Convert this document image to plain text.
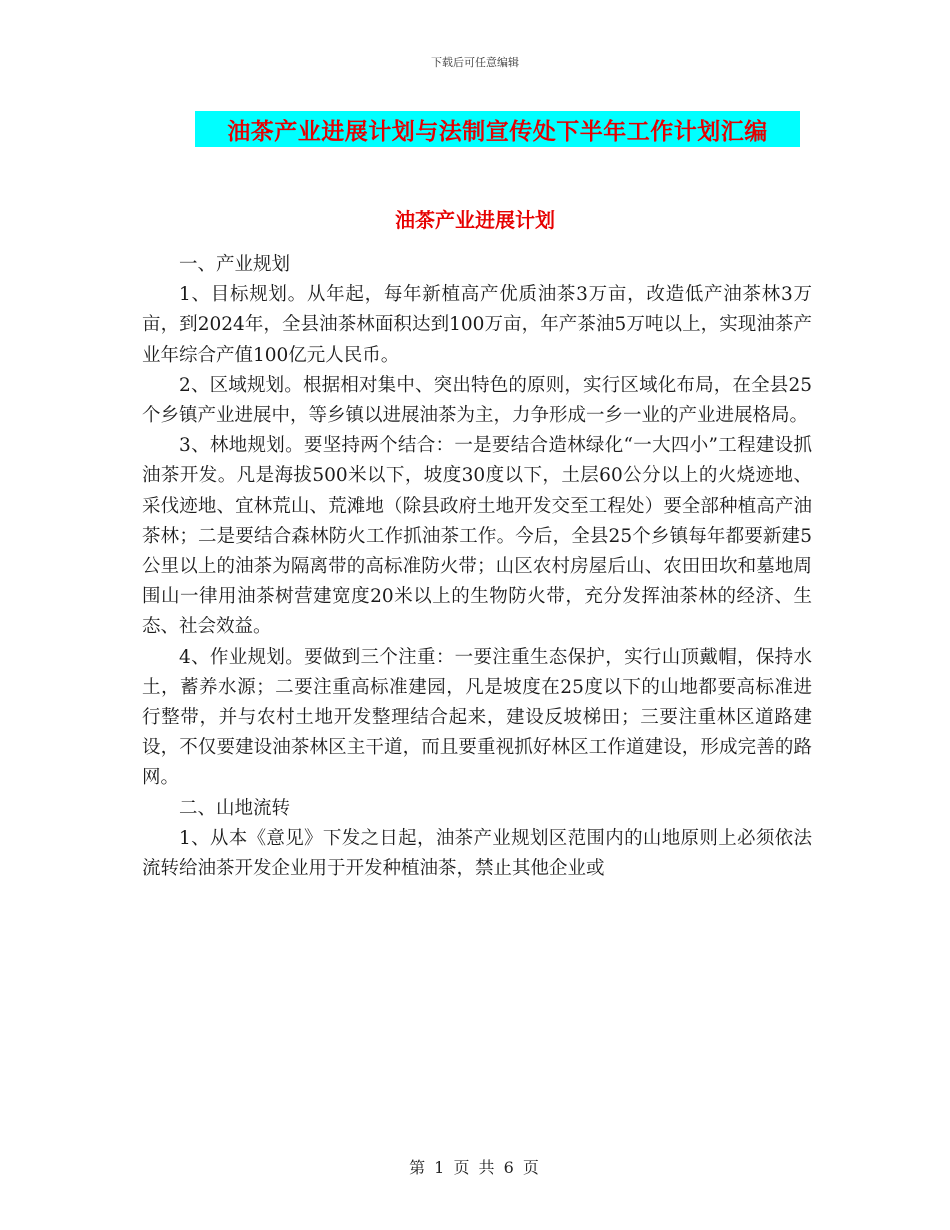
下载后可任意编辑
油茶产业进展计划与法制宣传处下半年工作计划汇编
油茶产业进展计划

一、产业规划

1、目标规划。从年起，每年新植高产优质油茶3万亩，改造低产油茶林3万亩，到2024年，全县油茶林面积达到100万亩，年产茶油5万吨以上，实现油茶产业年综合产值100亿元人民币。

2、区域规划。根据相对集中、突出特色的原则，实行区域化布局，在全县25个乡镇产业进展中，等乡镇以进展油茶为主，力争形成一乡一业的产业进展格局。

3、林地规划。要坚持两个结合：一是要结合造林绿化“一大四小”工程建设抓油茶开发。凡是海拔500米以下，坡度30度以下，土层60公分以上的火烧迹地、采伐迹地、宜林荒山、荒滩地（除县政府土地开发交至工程处）要全部种植高产油茶林；二是要结合森林防火工作抓油茶工作。今后，全县25个乡镇每年都要新建5公里以上的油茶为隔离带的高标准防火带；山区农村房屋后山、农田田坎和墓地周围山一律用油茶树营建宽度20米以上的生物防火带，充分发挥油茶林的经济、生态、社会效益。

4、作业规划。要做到三个注重：一要注重生态保护，实行山顶戴帽，保持水土，蓄养水源；二要注重高标准建园，凡是坡度在25度以下的山地都要高标准进行整带，并与农村土地开发整理结合起来，建设反坡梯田；三要注重林区道路建设，不仅要建设油茶林区主干道，而且要重视抓好林区工作道建设，形成完善的路网。

二、山地流转

1、从本《意见》下发之日起，油茶产业规划区范围内的山地原则上必须依法流转给油茶开发企业用于开发种植油茶，禁止其他企业或

第 1 页 共 6 页
